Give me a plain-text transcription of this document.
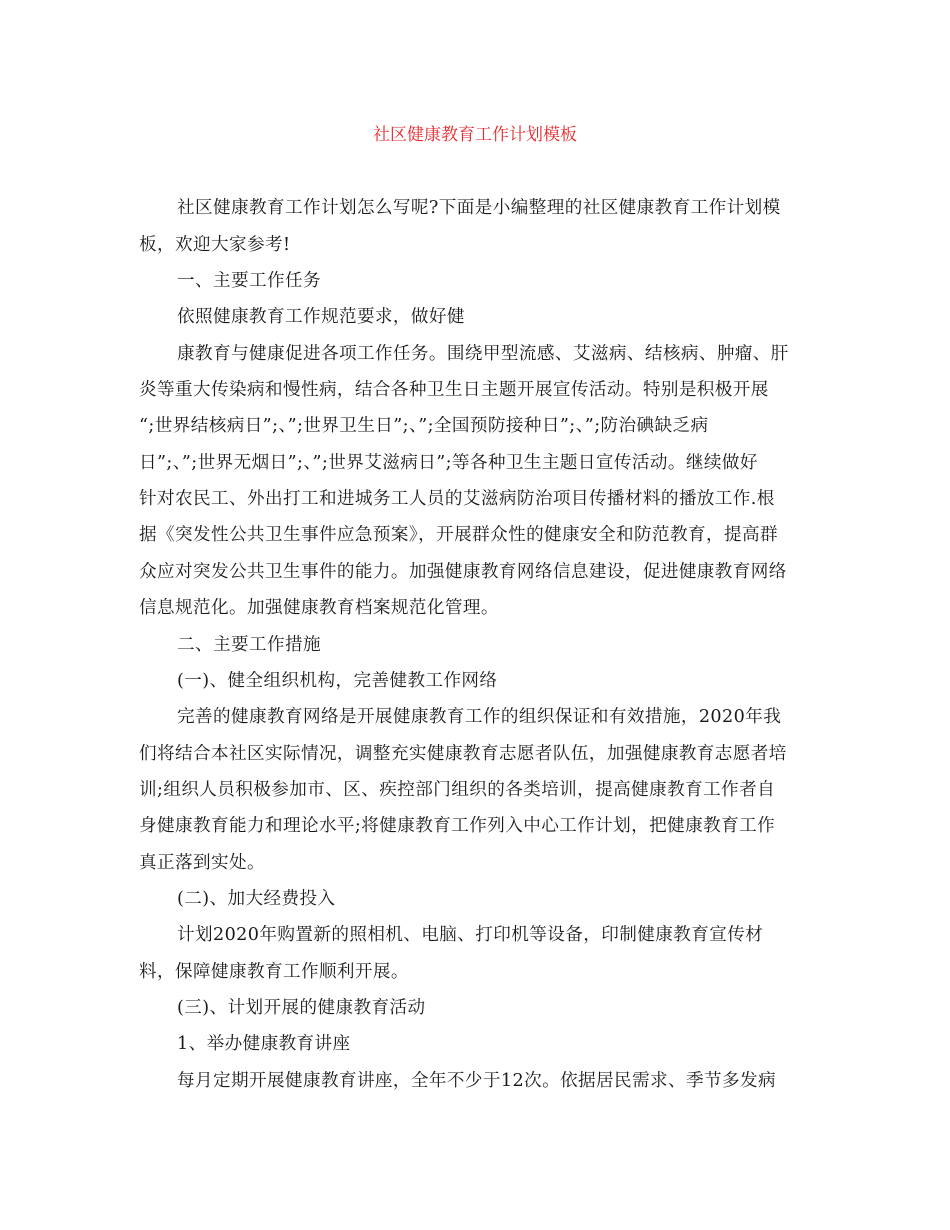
社区健康教育工作计划模板
社区健康教育工作计划怎么写呢?下面是小编整理的社区健康教育工作计划模
板，欢迎大家参考!
一、主要工作任务
依照健康教育工作规范要求，做好健
康教育与健康促进各项工作任务。围绕甲型流感、艾滋病、结核病、肿瘤、肝
炎等重大传染病和慢性病，结合各种卫生日主题开展宣传活动。特别是积极开展
“;世界结核病日”;、”;世界卫生日”;、”;全国预防接种日”;、”;防治碘缺乏病
日”;、”;世界无烟日”;、”;世界艾滋病日”;等各种卫生主题日宣传活动。继续做好
针对农民工、外出打工和进城务工人员的艾滋病防治项目传播材料的播放工作.根
据《突发性公共卫生事件应急预案》，开展群众性的健康安全和防范教育，提高群
众应对突发公共卫生事件的能力。加强健康教育网络信息建设，促进健康教育网络
信息规范化。加强健康教育档案规范化管理。
二、主要工作措施
(一)、健全组织机构，完善健教工作网络
完善的健康教育网络是开展健康教育工作的组织保证和有效措施，2020年我
们将结合本社区实际情况，调整充实健康教育志愿者队伍，加强健康教育志愿者培
训;组织人员积极参加市、区、疾控部门组织的各类培训，提高健康教育工作者自
身健康教育能力和理论水平;将健康教育工作列入中心工作计划，把健康教育工作
真正落到实处。
(二)、加大经费投入
计划2020年购置新的照相机、电脑、打印机等设备，印制健康教育宣传材
料，保障健康教育工作顺利开展。
(三)、计划开展的健康教育活动
1、举办健康教育讲座
每月定期开展健康教育讲座，全年不少于12次。依据居民需求、季节多发病
